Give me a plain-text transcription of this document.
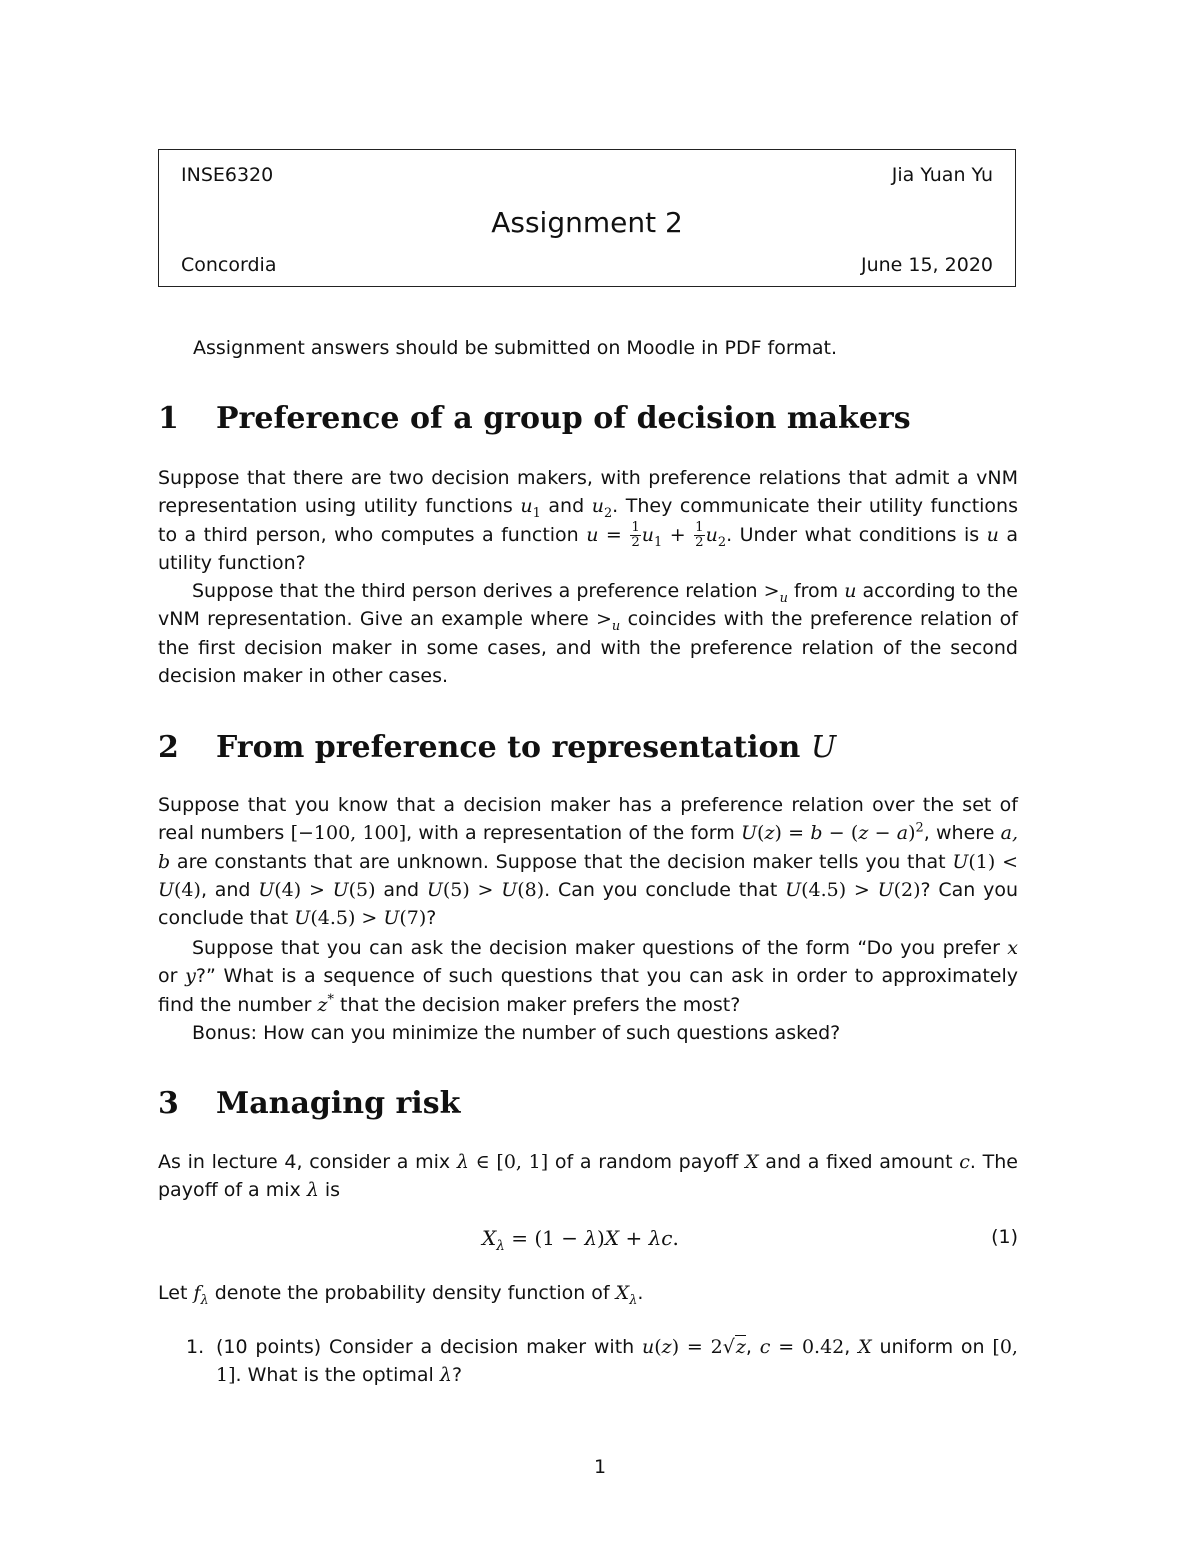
INSE6320	Jia Yuan Yu
Assignment 2
Concordia	June 15, 2020
Assignment answers should be submitted on Moodle in PDF format.
1 Preference of a group of decision makers
Suppose that there are two decision makers, with preference relations that admit a vNM representation using utility functions $u_1$ and $u_2$. They communicate their utility functions to a third person, who computes a function $u = \frac{1}{2} u_1 + \frac{1}{2} u_2$. Under what conditions is u a utility function?
Suppose that the third person derives a preference relation $>_u$ from u according to the vNM representation. Give an example where $>_u$ coincides with the preference relation of the first decision maker in some cases, and with the preference relation of the second decision maker in other cases.
2 From preference to representation U
Suppose that you know that a decision maker has a preference relation over the set of real numbers [−100, 100], with a representation of the form $U(z) = b - (z - a)^2$, where a, b are constants that are unknown. Suppose that the decision maker tells you that U(1) < U(4), and U(4) > U(5) and U(5) > U(8). Can you conclude that U(4.5) > U(2)? Can you conclude that U(4.5) > U(7)?
Suppose that you can ask the decision maker questions of the form “Do you prefer x or y?” What is a sequence of such questions that you can ask in order to approximately find the number z* that the decision maker prefers the most?
Bonus: How can you minimize the number of such questions asked?
3 Managing risk
As in lecture 4, consider a mix λ ∈ [0, 1] of a random payoff X and a fixed amount c. The payoff of a mix λ is
$X_\lambda = (1 - \lambda)X + \lambda c$.	(1)
Let $f_\lambda$ denote the probability density function of $X_\lambda$.
1. (10 points) Consider a decision maker with u(z) = 2√z, c = 0.42, X uniform on [0, 1]. What is the optimal λ?
1
